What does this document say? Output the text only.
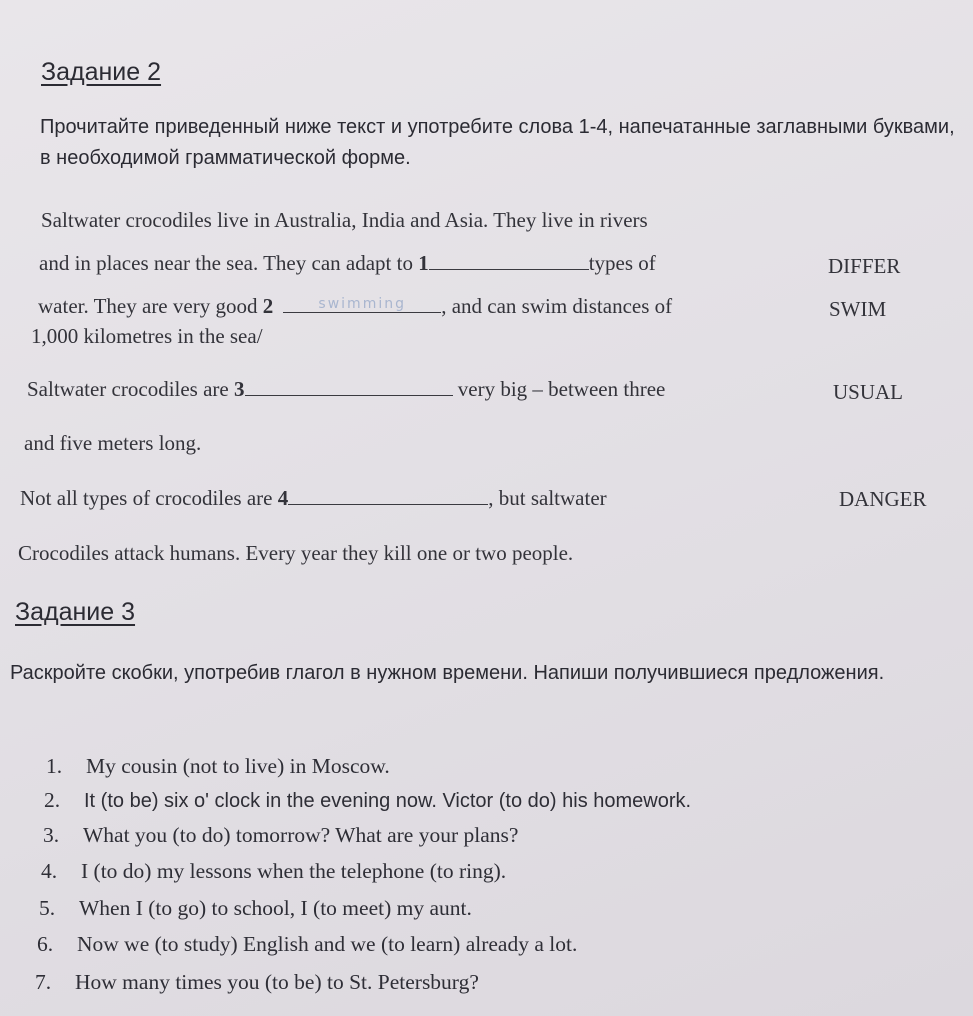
Задание 2
Прочитайте приведенный ниже текст и употребите слова 1-4, напечатанные заглавными буквами, в необходимой грамматической форме.
Saltwater crocodiles live in Australia, India and Asia. They live in rivers
and in places near the sea. They can adapt to 1	types of
water. They are very good 2	$^{swimming}$ , and can swim distances of
1,000 kilometres in the sea/
Saltwater crocodiles are 3	very big – between three
and five meters long.
Not all types of crocodiles are 4	, but saltwater
Crocodiles attack humans. Every year they kill one or two people.
DIFFER
SWIM
USUAL
DANGER
Задание 3
Раскройте скобки, употребив глагол в нужном времени. Напиши получившиеся предложения.
1. My cousin (not to live) in Moscow.
2. It (to be) six o' clock in the evening now. Victor (to do) his homework.
3. What you (to do) tomorrow? What are your plans?
4. I (to do) my lessons when the telephone (to ring).
5. When I (to go) to school, I (to meet) my aunt.
6. Now we (to study) English and we (to learn) already a lot.
7. How many times you (to be) to St. Petersburg?
